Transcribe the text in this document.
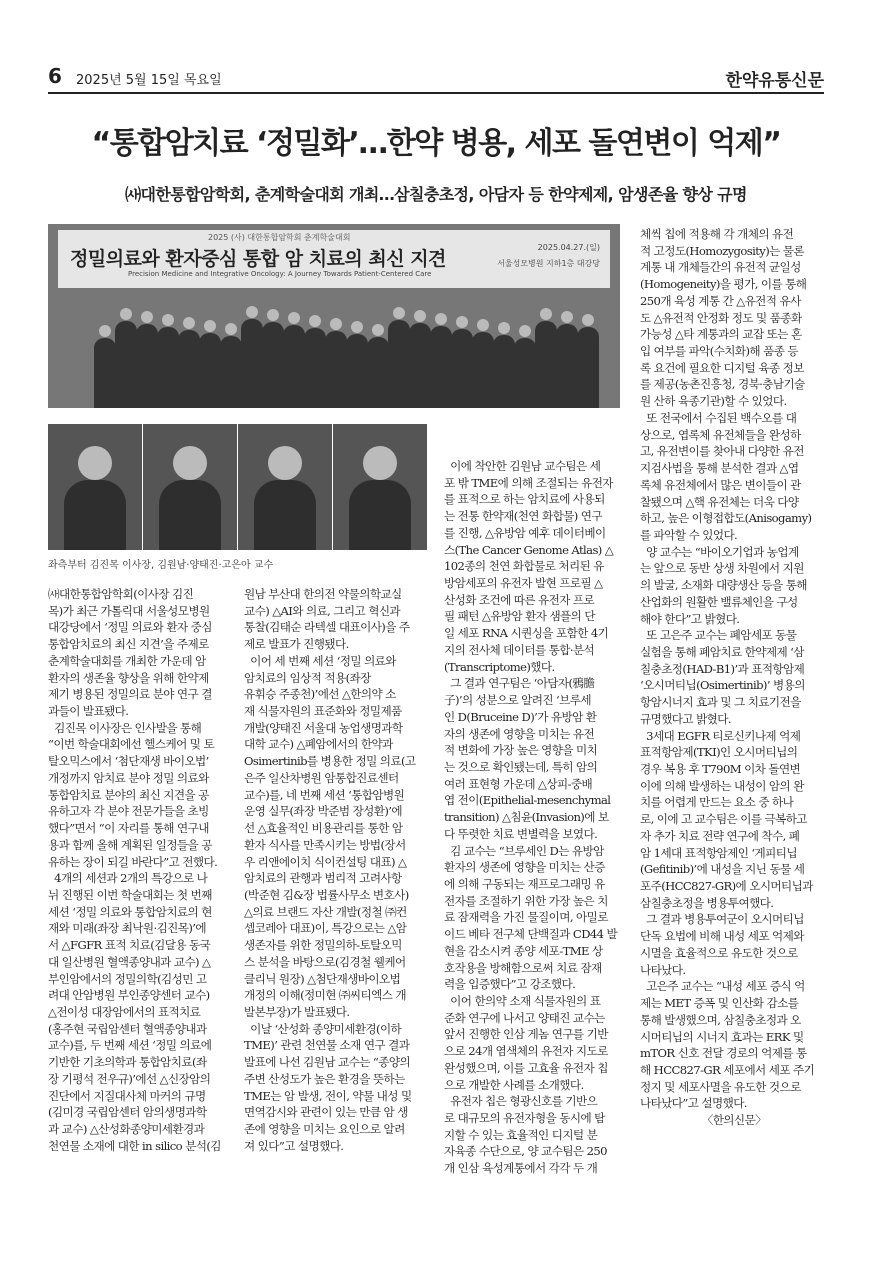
6 2025년 5월 15일 목요일	한약유통신문
“통합암치료 ‘정밀화’…한약 병용, 세포 돌연변이 억제”
㈔대한통합암학회, 춘계학술대회 개최…삼칠충초정, 아담자 등 한약제제, 암생존율 향상 규명
2025 (사) 대한통합암학회 춘계학술대회
정밀의료와 환자중심 통합 암 치료의 최신 지견
Precision Medicine and Integrative Oncology: A Journey Towards Patient-Centered Care
2025.04.27.(일)
서울성모병원 지하1층 대강당
좌측부터 김진목 이사장, 김원남·양태진·고은아 교수
㈔대한통합암학회(이사장 김진
목)가 최근 가톨릭대 서울성모병원
대강당에서 ‘정밀 의료와 환자 중심
통합암치료의 최신 지견’을 주제로
춘계학술대회를 개최한 가운데 암
환자의 생존율 향상을 위해 한약제
제기 병용된 정밀의료 분야 연구 결
과들이 발표됐다.
김진목 이사장은 인사발을 통해
“이번 학술대회에선 헬스케어 및 토
탈오믹스에서 ‘첨단재생 바이오법’
개정까지 암치료 분야 정밀 의료와
통합암치료 분야의 최신 지견을 공
유하고자 각 분야 전문가들을 초빙
했다”면서 “이 자리를 통해 연구내
용과 함께 올해 계획된 일정들을 공
유하는 장이 되길 바란다”고 전했다.
4개의 세션과 2개의 특강으로 나
뉘 진행된 이번 학술대회는 첫 번째
세션 ‘정밀 의료와 통합암치료의 현
재와 미래(좌장 최낙원·김진목)’에
서 △FGFR 표적 치료(김달용 동국
대 일산병원 혈액종양내과 교수) △
부인암에서의 정밀의학(김성민 고
려대 안암병원 부인종양센터 교수)
△전이성 대장암에서의 표적치료
(홍주현 국립암센터 혈액종양내과
교수)를, 두 번째 세션 ‘정밀 의료에
기반한 기초의학과 통합암치료(좌
장 기평석 전우규)’에선 △신장암의
진단에서 지질대사체 마커의 규명
(김미경 국립암센터 암의생명과학
과 교수) △산성화종양미세환경과
천연물 소재에 대한 in silico 분석(김
원남 부산대 한의전 약물의학교실
교수) △AI와 의료, 그리고 혁신과
통찰(김태순 라텍셀 대표이사)을 주
제로 발표가 진행됐다.
이어 세 번째 세션 ‘정밀 의료와
암치료의 임상적 적용(좌장
유휘승 주종천)’에선 △한의약 소
재 식물자원의 표준화와 정밀제품
개발(양태진 서울대 농업생명과학
대학 교수) △폐암에서의 한약과
Osimertinib를 병용한 정밀 의료(고
은주 일산차병원 암통합진료센터
교수)를, 네 번째 세션 ‘통합암병원
운영 실무(좌장 박준범 장성환)’에
선 △효율적인 비용관리를 통한 암
환자 식사를 만족시키는 방법(장서
우 리앤에이치 식이컨설팅 대표) △
암치료의 관행과 범리적 고려사항
(박준현 김&장 법률사무소 변호사)
△의료 브랜드 자산 개발(정철 ㈜컨
셉코레아 대표)이, 특강으로는 △암
생존자를 위한 정밀의하-토탈오믹
스 분석을 바탕으로(김경철 웰케어
클리닉 원장) △첨단재생바이오법
개정의 이해(정미현 ㈜씨티엑스 개
발본부장)가 발표됐다.
이날 ‘산성화 종양미세환경(이하
TME)’ 관련 천연물 소재 연구 결과
발표에 나선 김원남 교수는 “종양의
주변 산성도가 높은 환경을 뜻하는
TME는 암 발생, 전이, 약물 내성 및
면역감시와 관련이 있는 만큼 암 생
존에 영향을 미치는 요인으로 알려
져 있다”고 설명했다.
이에 착안한 김원남 교수팀은 세
포 밖 TME에 의해 조절되는 유전자
를 표적으로 하는 암치료에 사용되
는 전통 한약재(천연 화합물) 연구
를 진행, △유방암 예후 데이터베이
스(The Cancer Genome Atlas) △
102종의 천연 화합물로 처리된 유
방암세포의 유전자 발현 프로필 △
산성화 조건에 따른 유전자 프로
필 패턴 △유방암 환자 샘플의 단
일 세포 RNA 시퀀싱을 포함한 4기
지의 전사체 데이터를 통합·분석
(Transcriptome)했다.
그 결과 연구팀은 ‘아담자(鴉膽
子)’의 성분으로 알려진 ‘브루세
인 D(Bruceine D)’가 유방암 환
자의 생존에 영향을 미치는 유전
적 변화에 가장 높은 영향을 미치
는 것으로 확인됐는데, 특히 암의
여러 표현형 가운데 △상피-중배
엽 전이(Epithelial-mesenchymal
transition) △침윤(Invasion)에 보
다 뚜렷한 치료 변별력을 보였다.
김 교수는 “브루세인 D는 유방암
환자의 생존에 영향을 미치는 산증
에 의해 구동되는 재프로그래밍 유
전자를 조절하기 위한 가장 높은 치
료 잠재력을 가진 물질이며, 아밀로
이드 베타 전구체 단백질과 CD44 발
현을 감소시켜 종양 세포-TME 상
호작용을 방해함으로써 치료 잠재
력을 입증했다”고 강조했다.
이어 한의약 소재 식물자원의 표
준화 연구에 나서고 양태진 교수는
앞서 진행한 인삼 게놈 연구를 기반
으로 24개 염색체의 유전자 지도로
완성했으며, 이를 고효율 유전자 칩
으로 개발한 사례를 소개했다.
유전자 칩은 형광신호를 기반으
로 대규모의 유전자형을 동시에 탐
지할 수 있는 효율적인 디지털 분
자육종 수단으로, 양 교수팀은 250
개 인삼 육성계통에서 각각 두 개
체씩 칩에 적용해 각 개체의 유전
적 고정도(Homozygosity)는 물론
계통 내 개체들간의 유전적 균일성
(Homogeneity)을 평가, 이를 통해
250개 육성 계통 간 △유전적 유사
도 △유전적 안정화 정도 및 품종화
가능성 △타 계통과의 교잡 또는 혼
입 여부를 파악(수치화)해 품종 등
록 요건에 필요한 디지털 육종 정보
를 제공(농촌진흥청, 경북·충남기술
원 산하 육종기관)할 수 있었다.
또 전국에서 수집된 백수오를 대
상으로, 엽록체 유전체들을 완성하
고, 유전변이를 찾아내 다양한 유전
지검사법을 통해 분석한 결과 △엽
록체 유전체에서 많은 변이들이 관
찰됐으며 △핵 유전체는 더욱 다양
하고, 높은 이형접합도(Anisogamy)
를 파악할 수 있었다.
양 교수는 “바이오기업과 농업계
는 앞으로 동반 상생 차원에서 지원
의 발굴, 소재화 대량생산 등을 통해
산업화의 원활한 밸류체인을 구성
해야 한다”고 밝혔다.
또 고은주 교수는 폐암세포 동물
실험을 통해 폐암치료 한약제제 ‘삼
칠충초정(HAD-B1)’과 표적항암제
‘오시머티닙(Osimertinib)’ 병용의
항암시너지 효과 및 그 치료기전을
규명했다고 밝혔다.
3세대 EGFR 티로신키나제 억제
표적항암제(TKI)인 오시머티닙의
경우 복용 후 T790M 이차 돌연변
이에 의해 발생하는 내성이 암의 완
치를 어렵게 만드는 요소 중 하나
로, 이에 고 교수팀은 이를 극복하고
자 추가 치료 전략 연구에 착수, 폐
암 1세대 표적항암제인 ‘게피티닙
(Gefitinib)’에 내성을 지닌 동물 세
포주(HCC827-GR)에 오시머티닙과
삼칠충초정을 병용투여했다.
그 결과 병용투여군이 오시머티닙
단독 요법에 비해 내성 세포 억제와
시멸을 효율적으로 유도한 것으로
나타났다.
고은주 교수는 “내성 세포 증식 억
제는 MET 증폭 및 인산화 감소를
통해 발생했으며, 삼칠충초정과 오
시머티닙의 시너지 효과는 ERK 및
mTOR 신호 전달 경로의 억제를 통
해 HCC827-GR 세포에서 세포 주기
정지 및 세포사멸을 유도한 것으로
나타났다”고 설명했다.
〈한의신문〉
